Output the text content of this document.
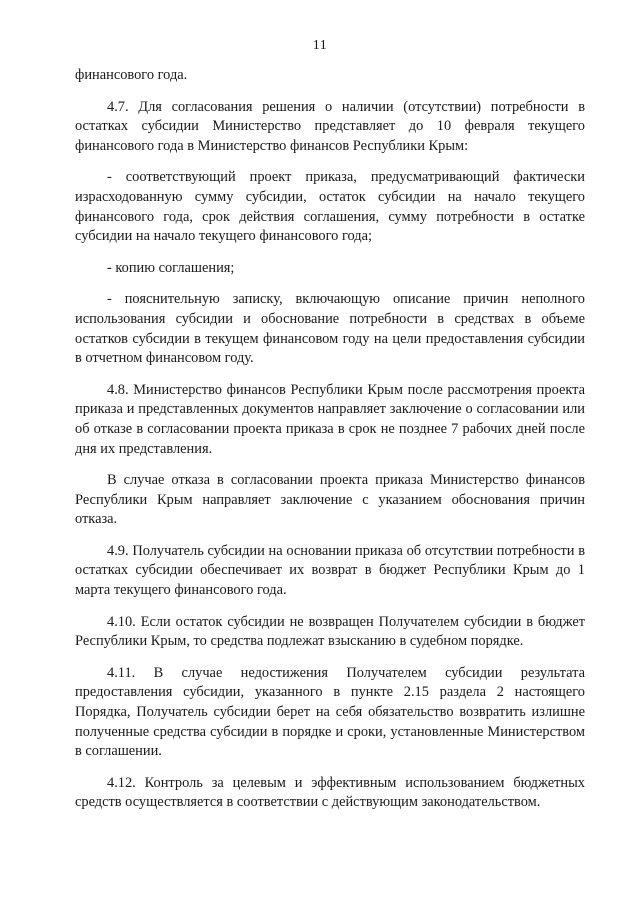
11

финансового года.

4.7. Для согласования решения о наличии (отсутствии) потребности в остатках субсидии Министерство представляет до 10 февраля текущего финансового года в Министерство финансов Республики Крым:

- соответствующий проект приказа, предусматривающий фактически израсходованную сумму субсидии, остаток субсидии на начало текущего финансового года, срок действия соглашения, сумму потребности в остатке субсидии на начало текущего финансового года;

- копию соглашения;

- пояснительную записку, включающую описание причин неполного использования субсидии и обоснование потребности в средствах в объеме остатков субсидии в текущем финансовом году на цели предоставления субсидии в отчетном финансовом году.

4.8. Министерство финансов Республики Крым после рассмотрения проекта приказа и представленных документов направляет заключение о согласовании или об отказе в согласовании проекта приказа в срок не позднее 7 рабочих дней после дня их представления.

В случае отказа в согласовании проекта приказа Министерство финансов Республики Крым направляет заключение с указанием обоснования причин отказа.

4.9. Получатель субсидии на основании приказа об отсутствии потребности в остатках субсидии обеспечивает их возврат в бюджет Республики Крым до 1 марта текущего финансового года.

4.10. Если остаток субсидии не возвращен Получателем субсидии в бюджет Республики Крым, то средства подлежат взысканию в судебном порядке.

4.11. В случае недостижения Получателем субсидии результата предоставления субсидии, указанного в пункте 2.15 раздела 2 настоящего Порядка, Получатель субсидии берет на себя обязательство возвратить излишне полученные средства субсидии в порядке и сроки, установленные Министерством в соглашении.

4.12. Контроль за целевым и эффективным использованием бюджетных средств осуществляется в соответствии с действующим законодательством.
